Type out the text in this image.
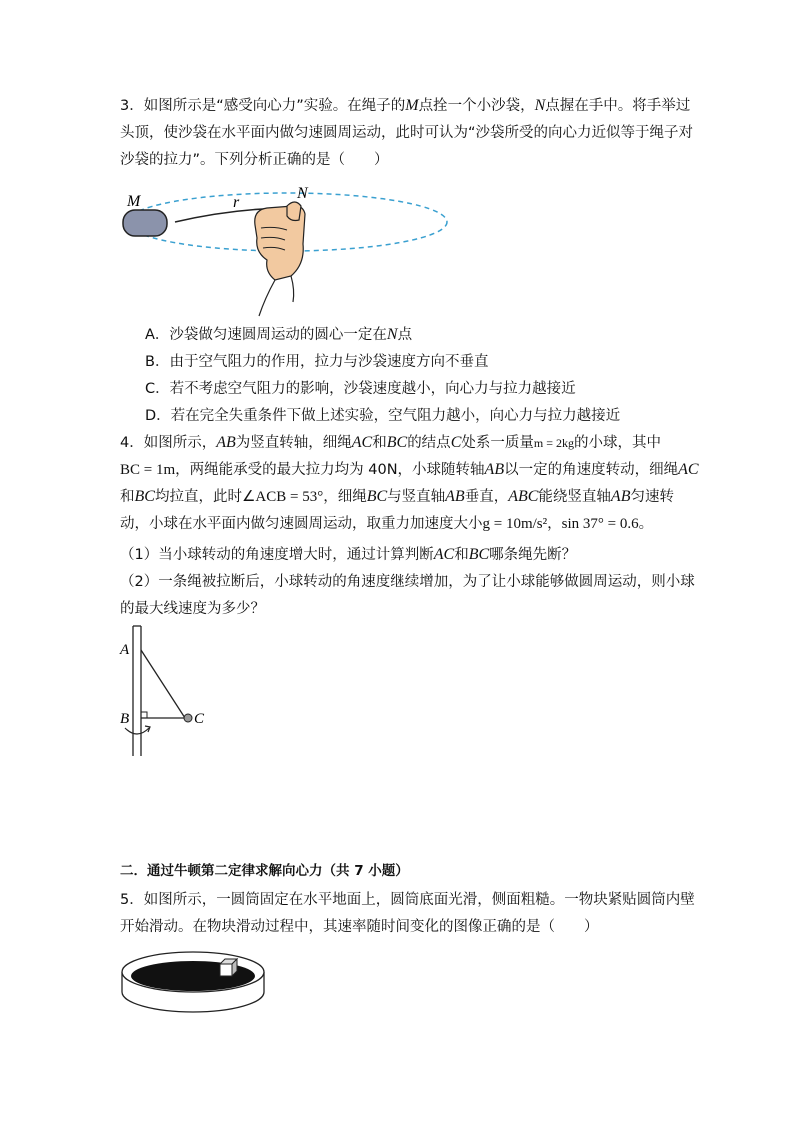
3．如图所示是“感受向心力”实验。在绳子的M点拴一个小沙袋，N点握在手中。将手举过
头顶，使沙袋在水平面内做匀速圆周运动，此时可认为“沙袋所受的向心力近似等于绳子对
沙袋的拉力”。下列分析正确的是（　　）
M	r
N
A．沙袋做匀速圆周运动的圆心一定在N点
B．由于空气阻力的作用，拉力与沙袋速度方向不垂直
C．若不考虑空气阻力的影响，沙袋速度越小，向心力与拉力越接近
D．若在完全失重条件下做上述实验，空气阻力越小，向心力与拉力越接近
4．如图所示，AB为竖直转轴，细绳AC和BC的结点C处系一质量m = 2kg的小球，其中
BC = 1m，两绳能承受的最大拉力均为 40N，小球随转轴AB以一定的角速度转动，细绳AC
和BC均拉直，此时∠ACB = 53°，细绳BC与竖直轴AB垂直，ABC能绕竖直轴AB匀速转
动，小球在水平面内做匀速圆周运动，取重力加速度大小g = 10m/s²，sin 37° = 0.6。
（1）当小球转动的角速度增大时，通过计算判断AC和BC哪条绳先断？
（2）一条绳被拉断后，小球转动的角速度继续增加，为了让小球能够做圆周运动，则小球
的最大线速度为多少？
A
B	C
二．通过牛顿第二定律求解向心力（共 7 小题）
5．如图所示，一圆筒固定在水平地面上，圆筒底面光滑，侧面粗糙。一物块紧贴圆筒内壁
开始滑动。在物块滑动过程中，其速率随时间变化的图像正确的是（　　）
